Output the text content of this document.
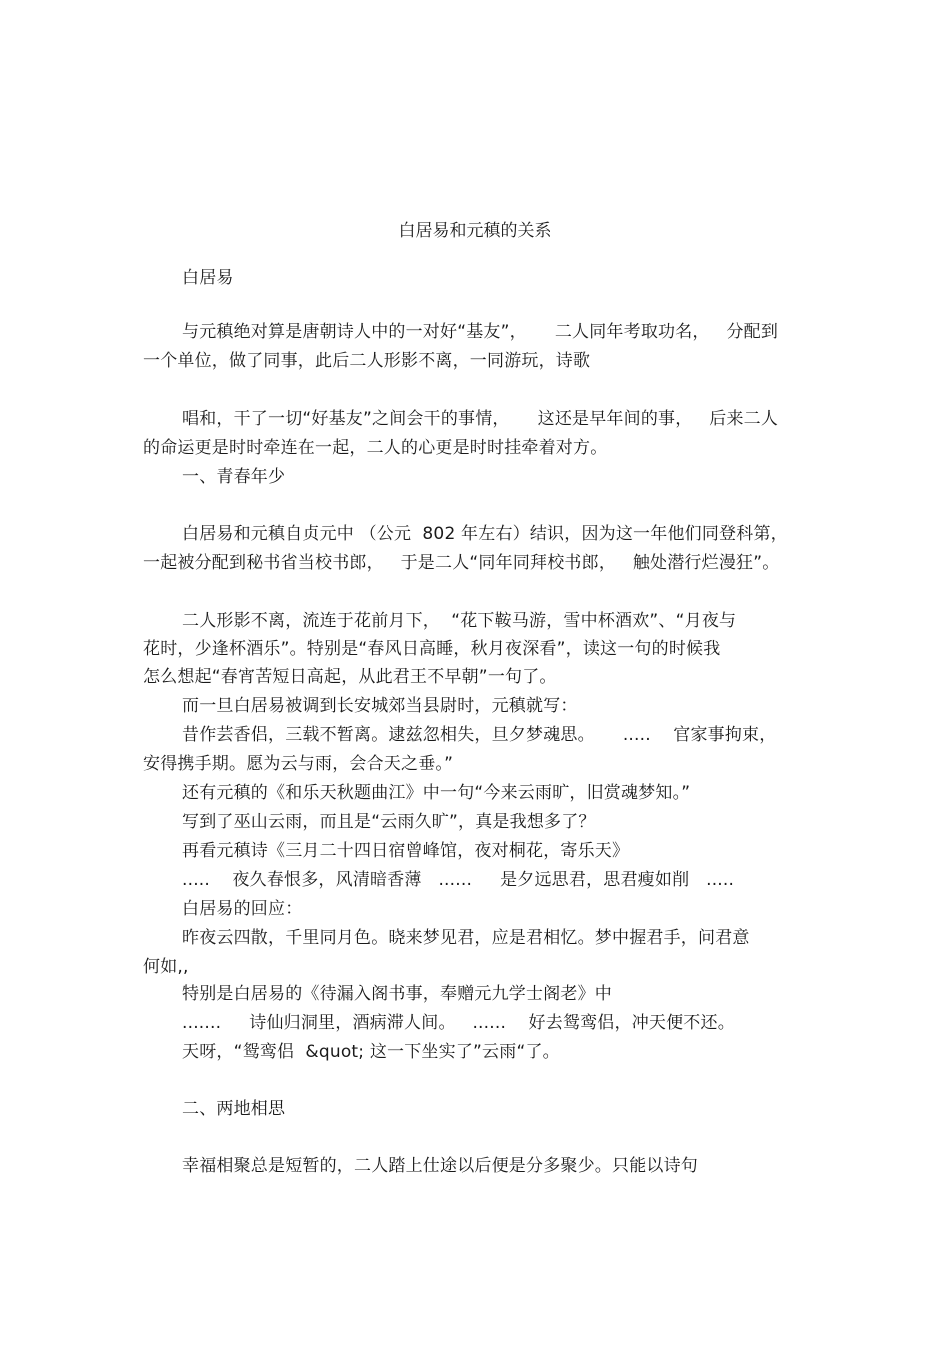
白居易和元稹的关系
白居易
与元稹绝对算是唐朝诗人中的一对好“基友”，     二人同年考取功名，   分配到
一个单位，做了同事，此后二人形影不离，一同游玩，诗歌
唱和，干了一切“好基友”之间会干的事情，     这还是早年间的事，   后来二人
的命运更是时时牵连在一起，二人的心更是时时挂牵着对方。
一、青春年少
白居易和元稹自贞元中 （公元  802 年左右）结识，因为这一年他们同登科第，
一起被分配到秘书省当校书郎，   于是二人“同年同拜校书郎，   触处潜行烂漫狂”。
二人形影不离，流连于花前月下，  “花下鞍马游，雪中杯酒欢”、“月夜与
花时，少逢杯酒乐”。特别是“春风日高睡，秋月夜深看”，读这一句的时候我
怎么想起“春宵苦短日高起，从此君王不早朝”一句了。
而一旦白居易被调到长安城郊当县尉时，元稹就写：
昔作芸香侣，三载不暂离。逮兹忽相失，旦夕梦魂思。     .....    官家事拘束，
安得携手期。愿为云与雨，会合天之垂。”
还有元稹的《和乐天秋题曲江》中一句“今来云雨旷，旧赏魂梦知。”
写到了巫山云雨，而且是“云雨久旷”，真是我想多了？
再看元稹诗《三月二十四日宿曾峰馆，夜对桐花，寄乐天》
.....    夜久春恨多，风清暗香薄   ......     是夕远思君，思君瘦如削   .....
白居易的回应：
昨夜云四散，千里同月色。晓来梦见君，应是君相忆。梦中握君手，问君意
何如,,
特别是白居易的《待漏入阁书事，奉赠元九学士阁老》中
.......     诗仙归洞里，酒病滞人间。   ......    好去鸳鸾侣，冲天便不还。
天呀，“鸳鸾侣  &quot; 这一下坐实了”云雨“了。
二、两地相思
幸福相聚总是短暂的，二人踏上仕途以后便是分多聚少。只能以诗句
